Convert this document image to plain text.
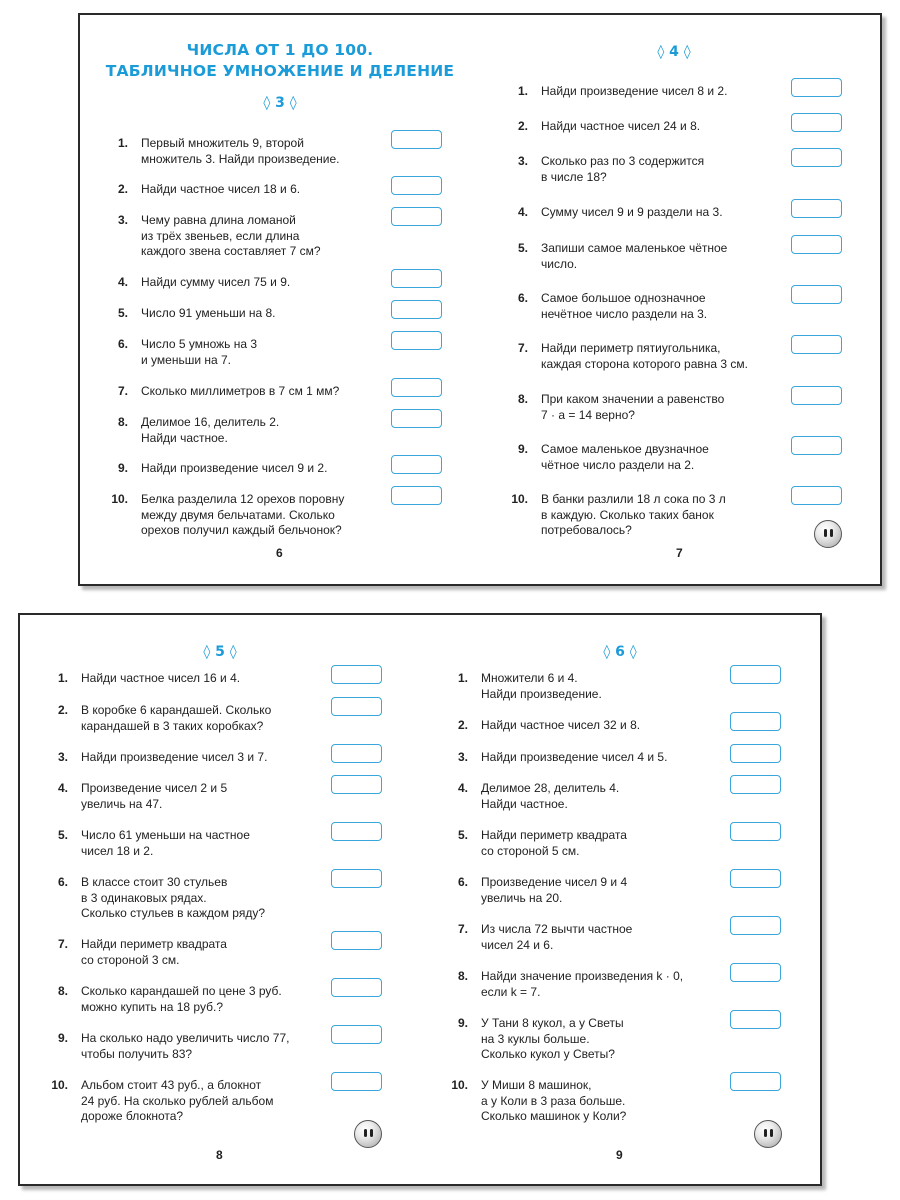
ЧИСЛА ОТ 1 ДО 100.
ТАБЛИЧНОЕ УМНОЖЕНИЕ И ДЕЛЕНИЕ
◊ 3 ◊
1. Первый множитель 9, второй
множитель 3. Найди произведение.
2. Найди частное чисел 18 и 6.
3. Чему равна длина ломаной
из трёх звеньев, если длина
каждого звена составляет 7 см?
4. Найди сумму чисел 75 и 9.
5. Число 91 уменьши на 8.
6. Число 5 умножь на 3
и уменьши на 7.
7. Сколько миллиметров в 7 см 1 мм?
8. Делимое 16, делитель 2.
Найди частное.
9. Найди произведение чисел 9 и 2.
10. Белка разделила 12 орехов поровну
между двумя бельчатами. Сколько
орехов получил каждый бельчонок?
6
◊ 4 ◊
1. Найди произведение чисел 8 и 2.
2. Найди частное чисел 24 и 8.
3. Сколько раз по 3 содержится
в числе 18?
4. Сумму чисел 9 и 9 раздели на 3.
5. Запиши самое маленькое чётное
число.
6. Самое большое однозначное
нечётное число раздели на 3.
7. Найди периметр пятиугольника,
каждая сторона которого равна 3 см.
8. При каком значении a равенство
7 · a = 14 верно?
9. Самое маленькое двузначное
чётное число раздели на 2.
10. В банки разлили 18 л сока по 3 л
в каждую. Сколько таких банок
потребовалось?
7
◊ 5 ◊
1. Найди частное чисел 16 и 4.
2. В коробке 6 карандашей. Сколько
карандашей в 3 таких коробках?
3. Найди произведение чисел 3 и 7.
4. Произведение чисел 2 и 5
увеличь на 47.
5. Число 61 уменьши на частное
чисел 18 и 2.
6. В классе стоит 30 стульев
в 3 одинаковых рядах.
Сколько стульев в каждом ряду?
7. Найди периметр квадрата
со стороной 3 см.
8. Сколько карандашей по цене 3 руб.
можно купить на 18 руб.?
9. На сколько надо увеличить число 77,
чтобы получить 83?
10. Альбом стоит 43 руб., а блокнот
24 руб. На сколько рублей альбом
дороже блокнота?
8
◊ 6 ◊
1. Множители 6 и 4.
Найди произведение.
2. Найди частное чисел 32 и 8.
3. Найди произведение чисел 4 и 5.
4. Делимое 28, делитель 4.
Найди частное.
5. Найди периметр квадрата
со стороной 5 см.
6. Произведение чисел 9 и 4
увеличь на 20.
7. Из числа 72 вычти частное
чисел 24 и 6.
8. Найди значение произведения k · 0,
если k = 7.
9. У Тани 8 кукол, а у Светы
на 3 куклы больше.
Сколько кукол у Светы?
10. У Миши 8 машинок,
а у Коли в 3 раза больше.
Сколько машинок у Коли?
9
